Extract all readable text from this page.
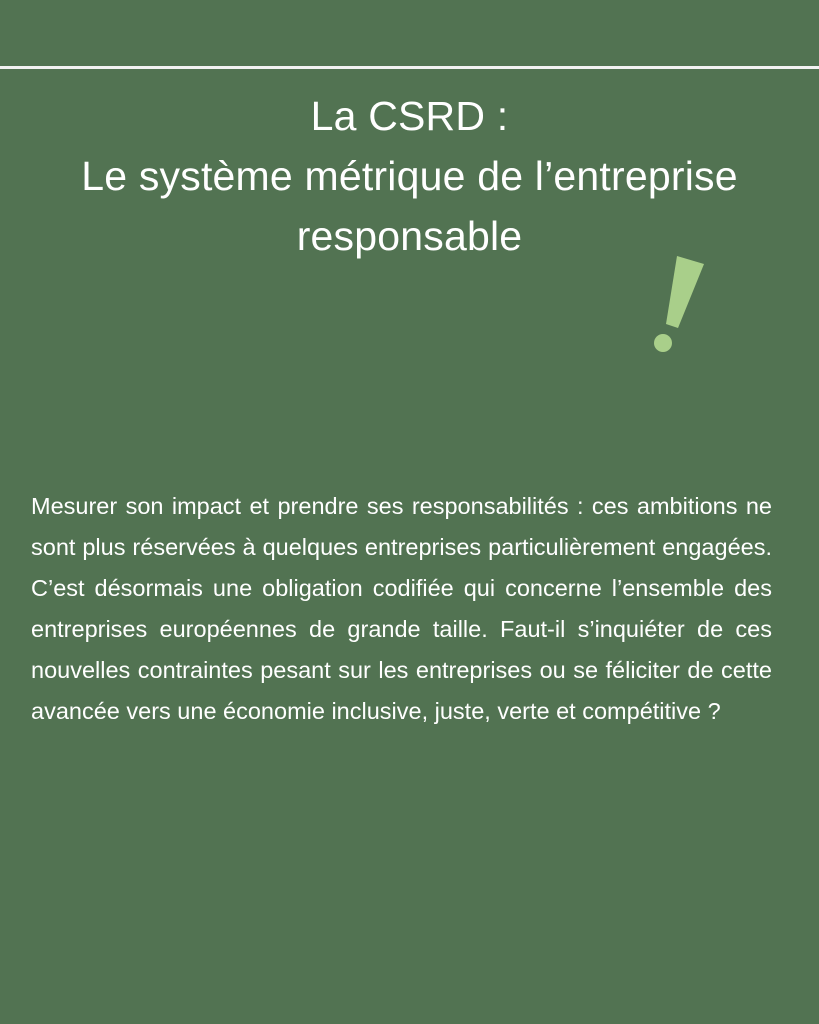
La CSRD :
Le système métrique de l’entreprise
responsable

Mesurer son impact et prendre ses responsabilités : ces ambitions ne sont plus réservées à quelques entreprises particulièrement engagées. C’est désormais une obligation codifiée qui concerne l’ensemble des entreprises européennes de grande taille. Faut-il s’inquiéter de ces nouvelles contraintes pesant sur les entreprises ou se féliciter de cette avancée vers une économie inclusive, juste, verte et compétitive ?
